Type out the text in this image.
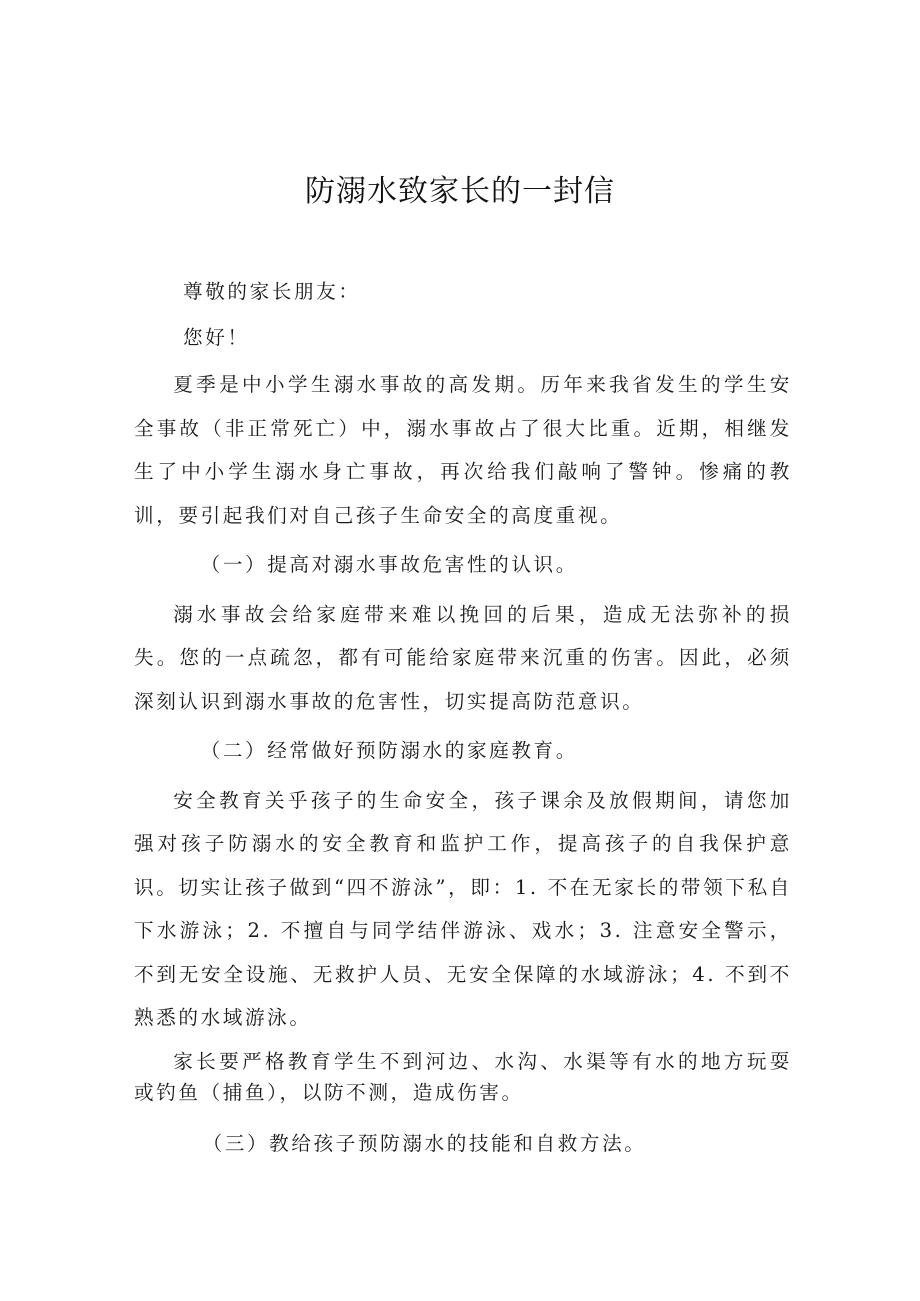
防溺水致家长的一封信

尊敬的家长朋友：

您好！

夏季是中小学生溺水事故的高发期。历年来我省发生的学生安全事故（非正常死亡）中，溺水事故占了很大比重。近期，相继发生了中小学生溺水身亡事故，再次给我们敲响了警钟。惨痛的教训，要引起我们对自己孩子生命安全的高度重视。

（一）提高对溺水事故危害性的认识。

溺水事故会给家庭带来难以挽回的后果，造成无法弥补的损失。您的一点疏忽，都有可能给家庭带来沉重的伤害。因此，必须深刻认识到溺水事故的危害性，切实提高防范意识。

（二）经常做好预防溺水的家庭教育。

安全教育关乎孩子的生命安全，孩子课余及放假期间，请您加强对孩子防溺水的安全教育和监护工作，提高孩子的自我保护意识。切实让孩子做到“四不游泳”，即：1. 不在无家长的带领下私自下水游泳；2. 不擅自与同学结伴游泳、戏水；3. 注意安全警示，不到无安全设施、无救护人员、无安全保障的水域游泳；4. 不到不熟悉的水域游泳。

家长要严格教育学生不到河边、水沟、水渠等有水的地方玩耍或钓鱼（捕鱼），以防不测，造成伤害。

（三）教给孩子预防溺水的技能和自救方法。
